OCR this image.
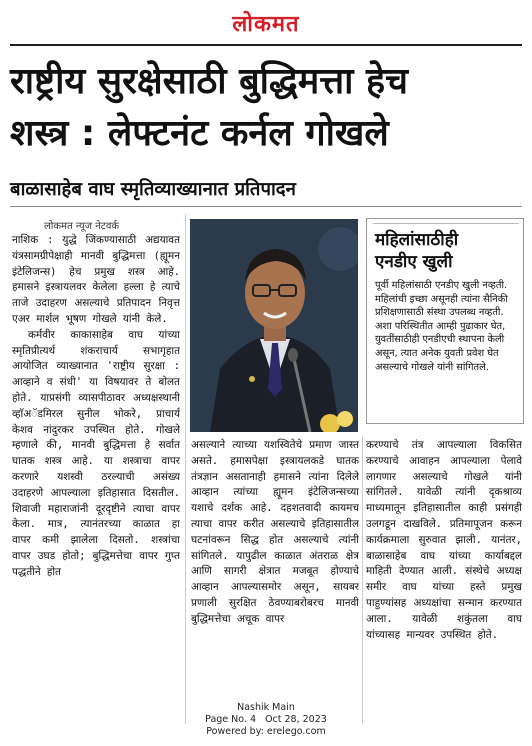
लोकमत
राष्ट्रीय सुरक्षेसाठी बुद्धिमत्ता हेच
शस्त्र : लेफ्टनंट कर्नल गोखले
बाळासाहेब वाघ स्मृतिव्याख्यानात प्रतिपादन
लोकमत न्यूज नेटवर्क

नाशिक : युद्धे जिंकण्यासाठी अद्ययावत यंत्रसामग्रीपेक्षाही मानवी बुद्धिमत्ता (ह्यूमन इंटेलिजन्स) हेच प्रमुख शस्त्र आहे. हमासने इस्त्रायलवर केलेला हल्ला हे त्याचे ताजे उदाहरण असल्याचे प्रतिपादन निवृत्त एअर मार्शल भूषण गोखले यांनी केले.

कर्मवीर काकासाहेब वाघ यांच्या स्मृतिप्रीत्यर्थ शंकराचार्य सभागृहात आयोजित व्याख्यानात 'राष्ट्रीय सुरक्षा : आव्हाने व संधी' या विषयावर ते बोलत होते. याप्रसंगी व्यासपीठावर अध्यक्षस्थानी व्हाॅअॅडमिरल सुनील भोकरे, प्राचार्य केशव नांदुरकर उपस्थित होते. गोखले म्हणाले की, मानवी बुद्धिमत्ता हे सर्वात घातक शस्त्र आहे. या शस्त्राचा वापर करणारे यशस्वी ठरल्याची असंख्य उदाहरणे आपल्याला इतिहासात दिसतील. शिवाजी महाराजांनी दूरदृष्टीने त्याचा वापर केला. मात्र, त्यानंतरच्या काळात हा वापर कमी झालेला दिसतो. शस्त्रांचा वापर उघड होतो; बुद्धिमत्तेचा वापर गुप्त पद्धतीने होत

महिलांसाठीही
एनडीए खुली
पूर्वी महिलांसाठी एनडीए खुली नव्हती. महिलांची इच्छा असूनही त्यांना सैनिकी प्रशिक्षणासाठी संस्था उपलब्ध नव्हती. अशा परिस्थितीत आम्ही पुढाकार घेत, युवतींसाठीही एनडीएची स्थापना केली असून, त्यात अनेक युवती प्रवेश घेत असल्याचे गोखले यांनी सांगितले.

असल्याने त्याच्या यशस्वितेचे प्रमाण जास्त असते. हमासपेक्षा इस्त्रायलकडे घातक तंत्रज्ञान असतानाही हमासने त्यांना दिलेले आव्हान त्यांच्या ह्यूमन इंटेलिजन्सच्या यशाचे दर्शक आहे. दहशतवादी कायमच त्याचा वापर करीत असल्याचे इतिहासातील घटनांवरून सिद्ध होत असल्याचे त्यांनी सांगितले. यापुढील काळात अंतराळ क्षेत्र आणि सागरी क्षेत्रात मजबूत होण्याचे आव्हान आपल्यासमोर असून, सायबर प्रणाली सुरक्षित ठेवण्याबरोबरच मानवी बुद्धिमत्तेचा अचूक वापर

करण्याचे तंत्र आपल्याला विकसित करण्याचे आवाहन आपल्याला पेलावे लागणार असल्याचे गोखले यांनी सांगितले. यावेळी त्यांनी दृकश्राव्य माध्यमातून इतिहासातील काही प्रसंगही उलगडून दाखविले. प्रतिमापूजन करून कार्यक्रमाला सुरुवात झाली. यानंतर, बाळासाहेब वाघ यांच्या कार्याबद्दल माहिती देण्यात आली. संस्थेचे अध्यक्ष समीर वाघ यांच्या हस्ते प्रमुख पाहुण्यांसह अध्यक्षांचा सन्मान करण्यात आला. यावेळी शकुंतला वाघ यांच्यासह मान्यवर उपस्थित होते.

Nashik Main
Page No. 4   Oct 28, 2023
Powered by: erelego.com
